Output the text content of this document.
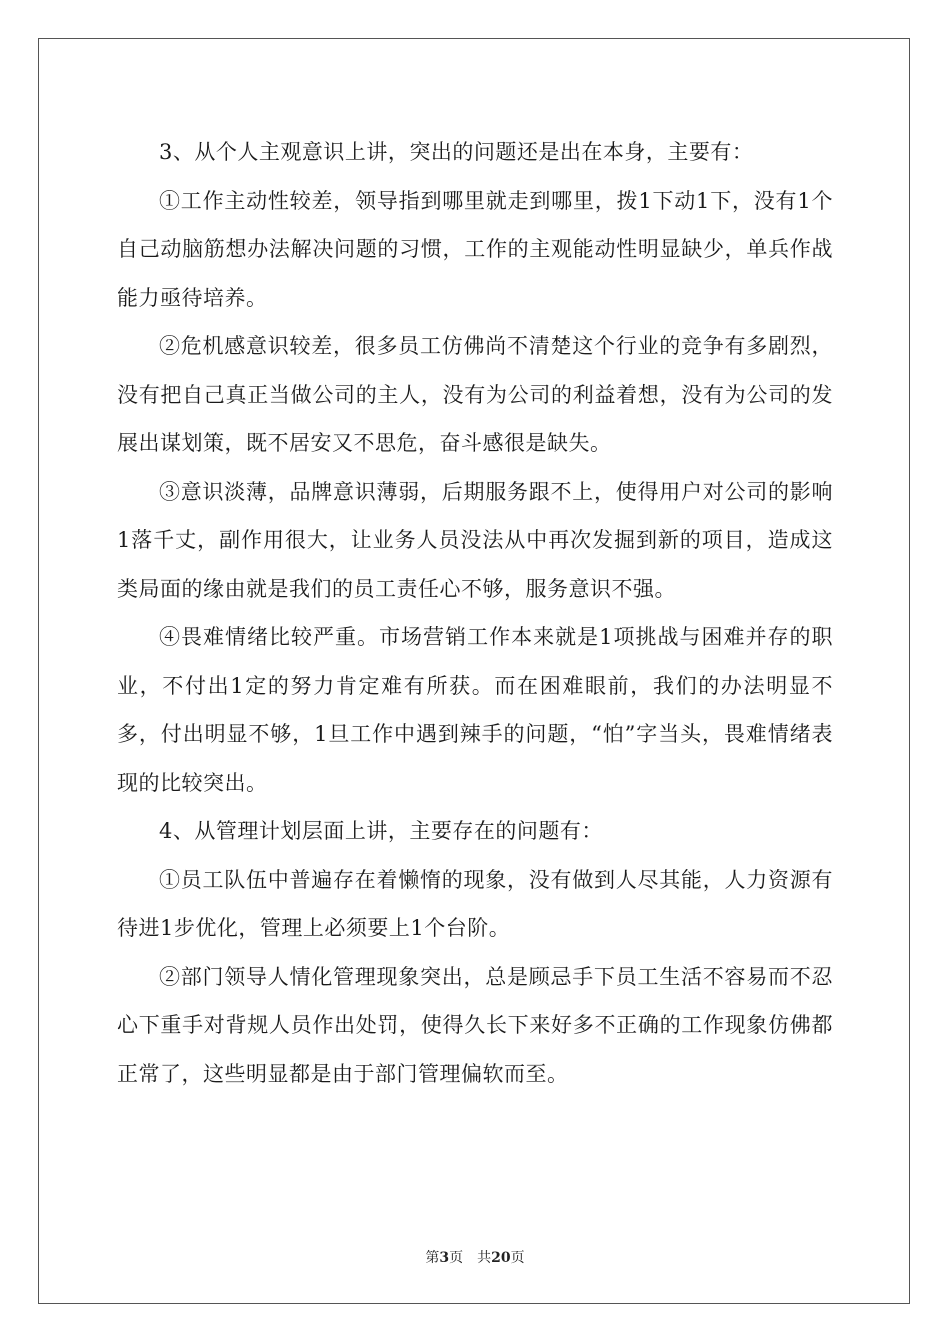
3、从个人主观意识上讲，突出的问题还是出在本身，主要有：

①工作主动性较差，领导指到哪里就走到哪里，拨1下动1下，没有1个自己动脑筋想办法解决问题的习惯，工作的主观能动性明显缺少，单兵作战能力亟待培养。

②危机感意识较差，很多员工仿佛尚不清楚这个行业的竞争有多剧烈，没有把自己真正当做公司的主人，没有为公司的利益着想，没有为公司的发展出谋划策，既不居安又不思危，奋斗感很是缺失。

③意识淡薄，品牌意识薄弱，后期服务跟不上，使得用户对公司的影响1落千丈，副作用很大，让业务人员没法从中再次发掘到新的项目，造成这类局面的缘由就是我们的员工责任心不够，服务意识不强。

④畏难情绪比较严重。市场营销工作本来就是1项挑战与困难并存的职业，不付出1定的努力肯定难有所获。而在困难眼前，我们的办法明显不多，付出明显不够，1旦工作中遇到辣手的问题，“怕”字当头，畏难情绪表现的比较突出。

4、从管理计划层面上讲，主要存在的问题有：

①员工队伍中普遍存在着懒惰的现象，没有做到人尽其能，人力资源有待进1步优化，管理上必须要上1个台阶。

②部门领导人情化管理现象突出，总是顾忌手下员工生活不容易而不忍心下重手对背规人员作出处罚，使得久长下来好多不正确的工作现象仿佛都正常了，这些明显都是由于部门管理偏软而至。

第3页 共20页
